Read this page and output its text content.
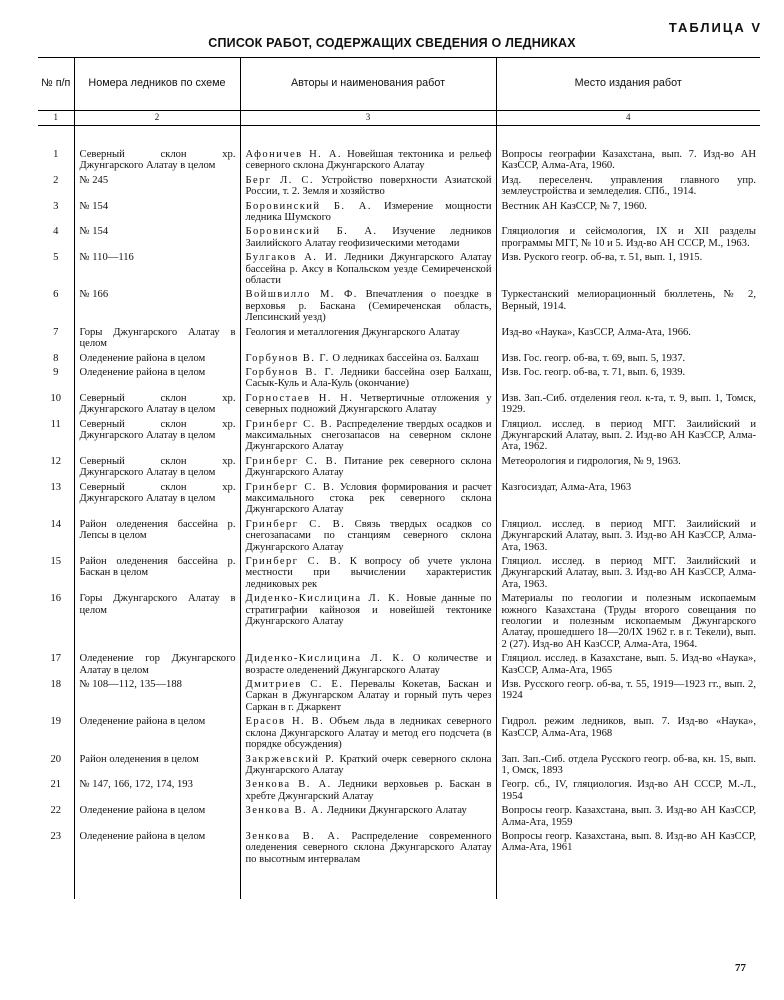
ТАБЛИЦА V
СПИСОК РАБОТ, СОДЕРЖАЩИХ СВЕДЕНИЯ О ЛЕДНИКАХ
№ п/п	Номера ледников по схеме	Авторы и наименования работ	Место издания работ
1	2	3	4

1	Северный склон хр. Джунгарского Алатау в целом	Афоничев Н. А. Новейшая тектоника и рельеф северного склона Джунгарского Алатау	Вопросы географии Казахстана, вып. 7. Изд-во АН КазССР, Алма-Ата, 1960.
2	№ 245	Берг Л. С. Устройство поверхности Азиатской России, т. 2. Земля и хозяйство	Изд. переселенч. управления главного упр. землеустройства и земледелия. СПб., 1914.
3	№ 154	Боровинский Б. А. Измерение мощности ледника Шумского	Вестник АН КазССР, № 7, 1960.
4	№ 154	Боровинский Б. А. Изучение ледников Заилийского Алатау геофизическими методами	Гляциология и сейсмология, IX и XII разделы программы МГГ, № 10 и 5. Изд-во АН СССР, М., 1963.
5	№ 110—116	Булгаков А. И. Ледники Джунгарского Алатау бассейна р. Аксу в Копальском уезде Семиреченской области	Изв. Руского геогр. об-ва, т. 51, вып. 1, 1915.
6	№ 166	Войшвилло М. Ф. Впечатления о поездке в верховья р. Баскана (Семиреченская область, Лепсинский уезд)	Туркестанский мелиорационный бюллетень, № 2, Верный, 1914.
7	Горы Джунгарского Алатау в целом	Геология и металлогения Джунгарского Алатау	Изд-во «Наука», КазССР, Алма-Ата, 1966.
8	Оледенение района в целом	Горбунов В. Г. О ледниках бассейна оз. Балхаш	Изв. Гос. геогр. об-ва, т. 69, вып. 5, 1937.
9	Оледенение района в целом	Горбунов В. Г. Ледники бассейна озер Балхаш, Сасык-Куль и Ала-Куль (окончание)	Изв. Гос. геогр. об-ва, т. 71, вып. 6, 1939.
10	Северный склон хр. Джунгарского Алатау в целом	Горностаев Н. Н. Четвертичные отложения у северных подножий Джунгарского Алатау	Изв. Зап.-Сиб. отделения геол. к-та, т. 9, вып. 1, Томск, 1929.
11	Северный склон хр. Джунгарского Алатау в целом	Гринберг С. В. Распределение твердых осадков и максимальных снегозапасов на северном склоне Джунгарского Алатау	Гляциол. исслед. в период МГГ. Заилийский и Джунгарский Алатау, вып. 2. Изд-во АН КазССР, Алма-Ата, 1962.
12	Северный склон хр. Джунгарского Алатау в целом	Гринберг С. В. Питание рек северного склона Джунгарского Алатау	Метеорология и гидрология, № 9, 1963.
13	Северный склон хр. Джунгарского Алатау в целом	Гринберг С. В. Условия формирования и расчет максимального стока рек северного склона Джунгарского Алатау	Казгосиздат, Алма-Ата, 1963
14	Район оледенения бассейна р. Лепсы в целом	Гринберг С. В. Связь твердых осадков со снегозапасами по станциям северного склона Джунгарского Алатау	Гляциол. исслед. в период МГГ. Заилийский и Джунгарский Алатау, вып. 3. Изд-во АН КазССР, Алма-Ата, 1963.
15	Район оледенения бассейна р. Баскан в целом	Гринберг С. В. К вопросу об учете уклона местности при вычислении характеристик ледниковых рек	Гляциол. исслед. в период МГГ. Заилийский и Джунгарский Алатау, вып. 3. Изд-во АН КазССР, Алма-Ата, 1963.
16	Горы Джунгарского Алатау в целом	Диденко-Кислицина Л. К. Новые данные по стратиграфии кайнозоя и новейшей тектонике Джунгарского Алатау	Материалы по геологии и полезным ископаемым южного Казахстана (Труды второго совещания по геологии и полезным ископаемым Джунгарского Алатау, прошедшего 18—20/IX 1962 г. в г. Текели), вып. 2 (27). Изд-во АН КазССР, Алма-Ата, 1964.
17	Оледенение гор Джунгарского Алатау в целом	Диденко-Кислицина Л. К. О количестве и возрасте оледенений Джунгарского Алатау	Гляциол. исслед. в Казахстане, вып. 5. Изд-во «Наука», КазССР, Алма-Ата, 1965
18	№ 108—112, 135—188	Дмитриев С. Е. Перевалы Кокетав, Баскан и Саркан в Джунгарском Алатау и горный путь через Саркан в г. Джаркент	Изв. Русского геогр. об-ва, т. 55, 1919—1923 гг., вып. 2, 1924
19	Оледенение района в целом	Ерасов Н. В. Объем льда в ледниках северного склона Джунгарского Алатау и метод его подсчета (в порядке обсуждения)	Гидрол. режим ледников, вып. 7. Изд-во «Наука», КазССР, Алма-Ата, 1968
20	Район оледенения в целом	Закржевский Р. Краткий очерк северного склона Джунгарского Алатау	Зап. Зап.-Сиб. отдела Русского геогр. об-ва, кн. 15, вып. 1, Омск, 1893
21	№ 147, 166, 172, 174, 193	Зенкова В. А. Ледники верховьев р. Баскан в хребте Джунгарский Алатау	Геогр. сб., IV, гляциология. Изд-во АН СССР, М.-Л., 1954
22	Оледенение района в целом	Зенкова В. А. Ледники Джунгарского Алатау	Вопросы геогр. Казахстана, вып. 3. Изд-во АН КазССР, Алма-Ата, 1959
23	Оледенение района в целом	Зенкова В. А. Распределение современного оледенения северного склона Джунгарского Алатау по высотным интервалам	Вопросы геогр. Казахстана, вып. 8. Изд-во АН КазССР, Алма-Ата, 1961

77
